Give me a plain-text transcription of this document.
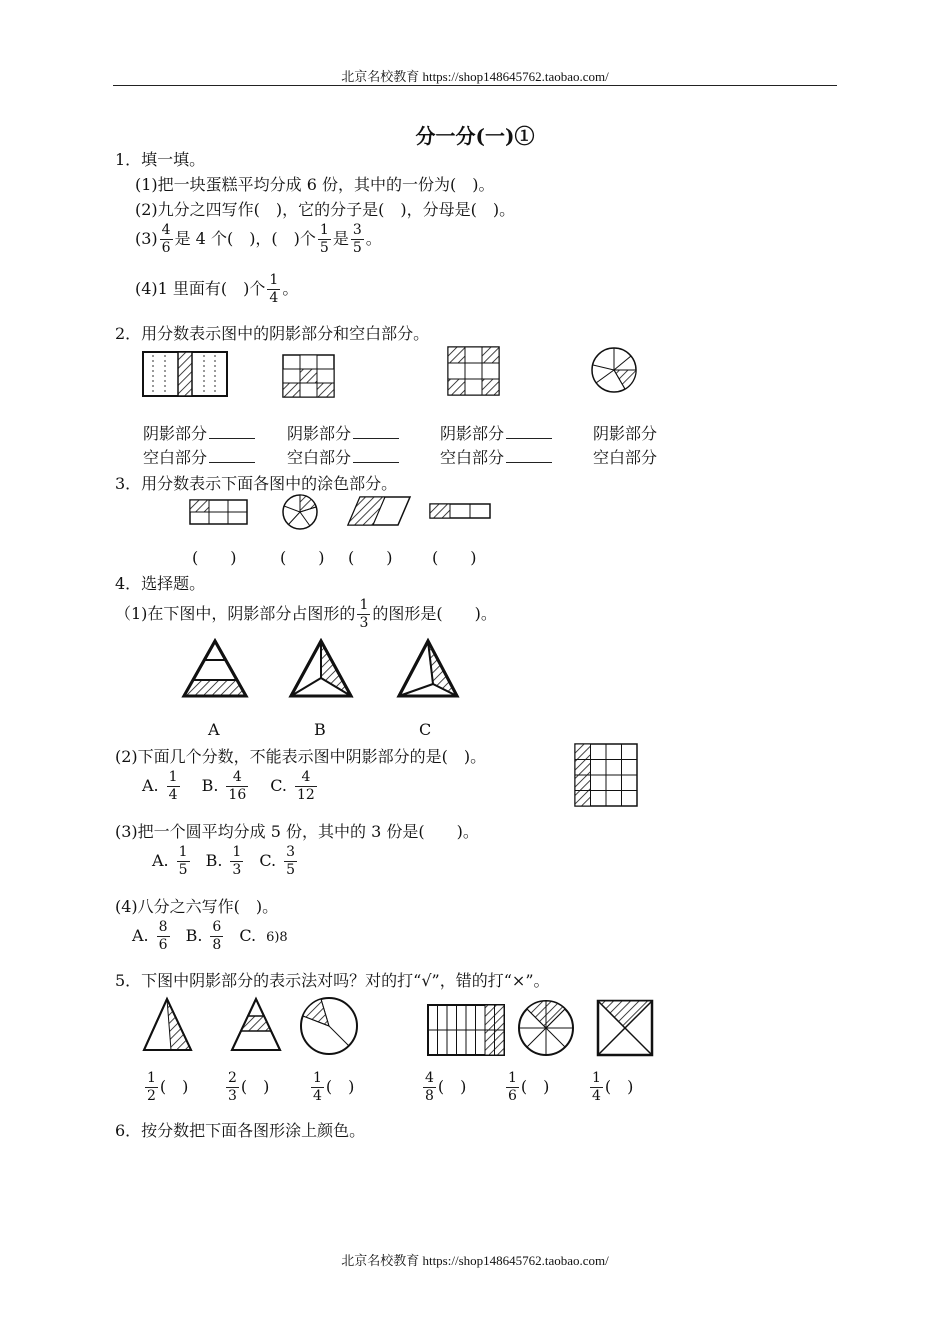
北京名校教育 https://shop148645762.taobao.com/
分一分(一)①
1．填一填。
(1)把一块蛋糕平均分成 6 份，其中的一份为(　)。
(2)九分之四写作(　)，它的分子是(　)，分母是(　)。
$(3) \frac{4}{6}$ 是 4 个(　)，(　)个 $\frac{1}{5}$ 是 $\frac{3}{5}$ 。
(4)1 里面有(　)个 $\frac{1}{4}$ 。
2．用分数表示图中的阴影部分和空白部分。
阴影部分	阴影部分	阴影部分	阴影部分
空白部分	空白部分	空白部分	空白部分
3．用分数表示下面各图中的涂色部分。
(　　)	(　　) (　　) (　　)
4．选择题。
（1)在下图中，阴影部分占图形的 $\frac{1}{3}$ 的图形是(　　)。
A	B	C
(2)下面几个分数，不能表示图中阴影部分的是(　)。
A. $\frac{1}{4} B$. $\frac{4}{16} C$. $\frac{4}{12}$
(3)把一个圆平均分成 5 份，其中的 3 份是(　　)。
A. $\frac{1}{5} B$. $\frac{1}{3} C$. $\frac{3}{5}$
(4)八分之六写作(　)。
A. $\frac{8}{6} B$. $\frac{6}{8} C$. 6)8
5．下图中阴影部分的表示法对吗？对的打“√”，错的打“×”。
$\frac{1}{2}$ (　)	$\frac{2}{3}$ (　)	$\frac{1}{4}$ (　)	$\frac{4}{8}$ (　)	$\frac{1}{6}$ (　)	$\frac{1}{4}$ (　)
6．按分数把下面各图形涂上颜色。
北京名校教育 https://shop148645762.taobao.com/
